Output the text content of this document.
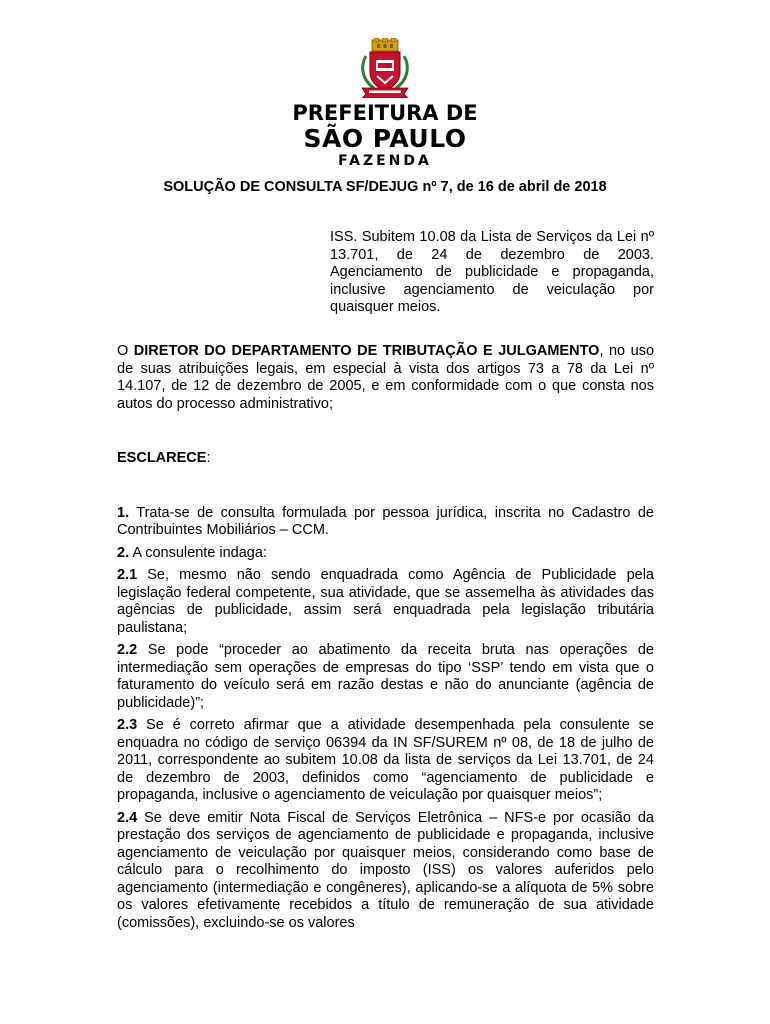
PREFEITURA DE
SÃO PAULO
FAZENDA
SOLUÇÃO DE CONSULTA SF/DEJUG nº 7, de 16 de abril de 2018
ISS. Subitem 10.08 da Lista de Serviços da Lei nº 13.701, de 24 de dezembro de 2003. Agenciamento de publicidade e propaganda, inclusive agenciamento de veiculação por quaisquer meios.

O DIRETOR DO DEPARTAMENTO DE TRIBUTAÇÃO E JULGAMENTO, no uso de suas atribuições legais, em especial à vista dos artigos 73 a 78 da Lei nº 14.107, de 12 de dezembro de 2005, e em conformidade com o que consta nos autos do processo administrativo;

ESCLARECE:

1. Trata-se de consulta formulada por pessoa jurídica, inscrita no Cadastro de Contribuintes Mobiliários – CCM.

2. A consulente indaga:

2.1 Se, mesmo não sendo enquadrada como Agência de Publicidade pela legislação federal competente, sua atividade, que se assemelha às atividades das agências de publicidade, assim será enquadrada pela legislação tributária paulistana;

2.2 Se pode “proceder ao abatimento da receita bruta nas operações de intermediação sem operações de empresas do tipo ‘SSP’ tendo em vista que o faturamento do veículo será em razão destas e não do anunciante (agência de publicidade)”;

2.3 Se é correto afirmar que a atividade desempenhada pela consulente se enquadra no código de serviço 06394 da IN SF/SUREM nº 08, de 18 de julho de 2011, correspondente ao subitem 10.08 da lista de serviços da Lei 13.701, de 24 de dezembro de 2003, definidos como “agenciamento de publicidade e propaganda, inclusive o agenciamento de veiculação por quaisquer meios”;

2.4 Se deve emitir Nota Fiscal de Serviços Eletrônica – NFS-e por ocasião da prestação dos serviços de agenciamento de publicidade e propaganda, inclusive agenciamento de veiculação por quaisquer meios, considerando como base de cálculo para o recolhimento do imposto (ISS) os valores auferidos pelo agenciamento (intermediação e congêneres), aplicando-se a alíquota de 5% sobre os valores efetivamente recebidos a título de remuneração de sua atividade (comissões), excluindo-se os valores
